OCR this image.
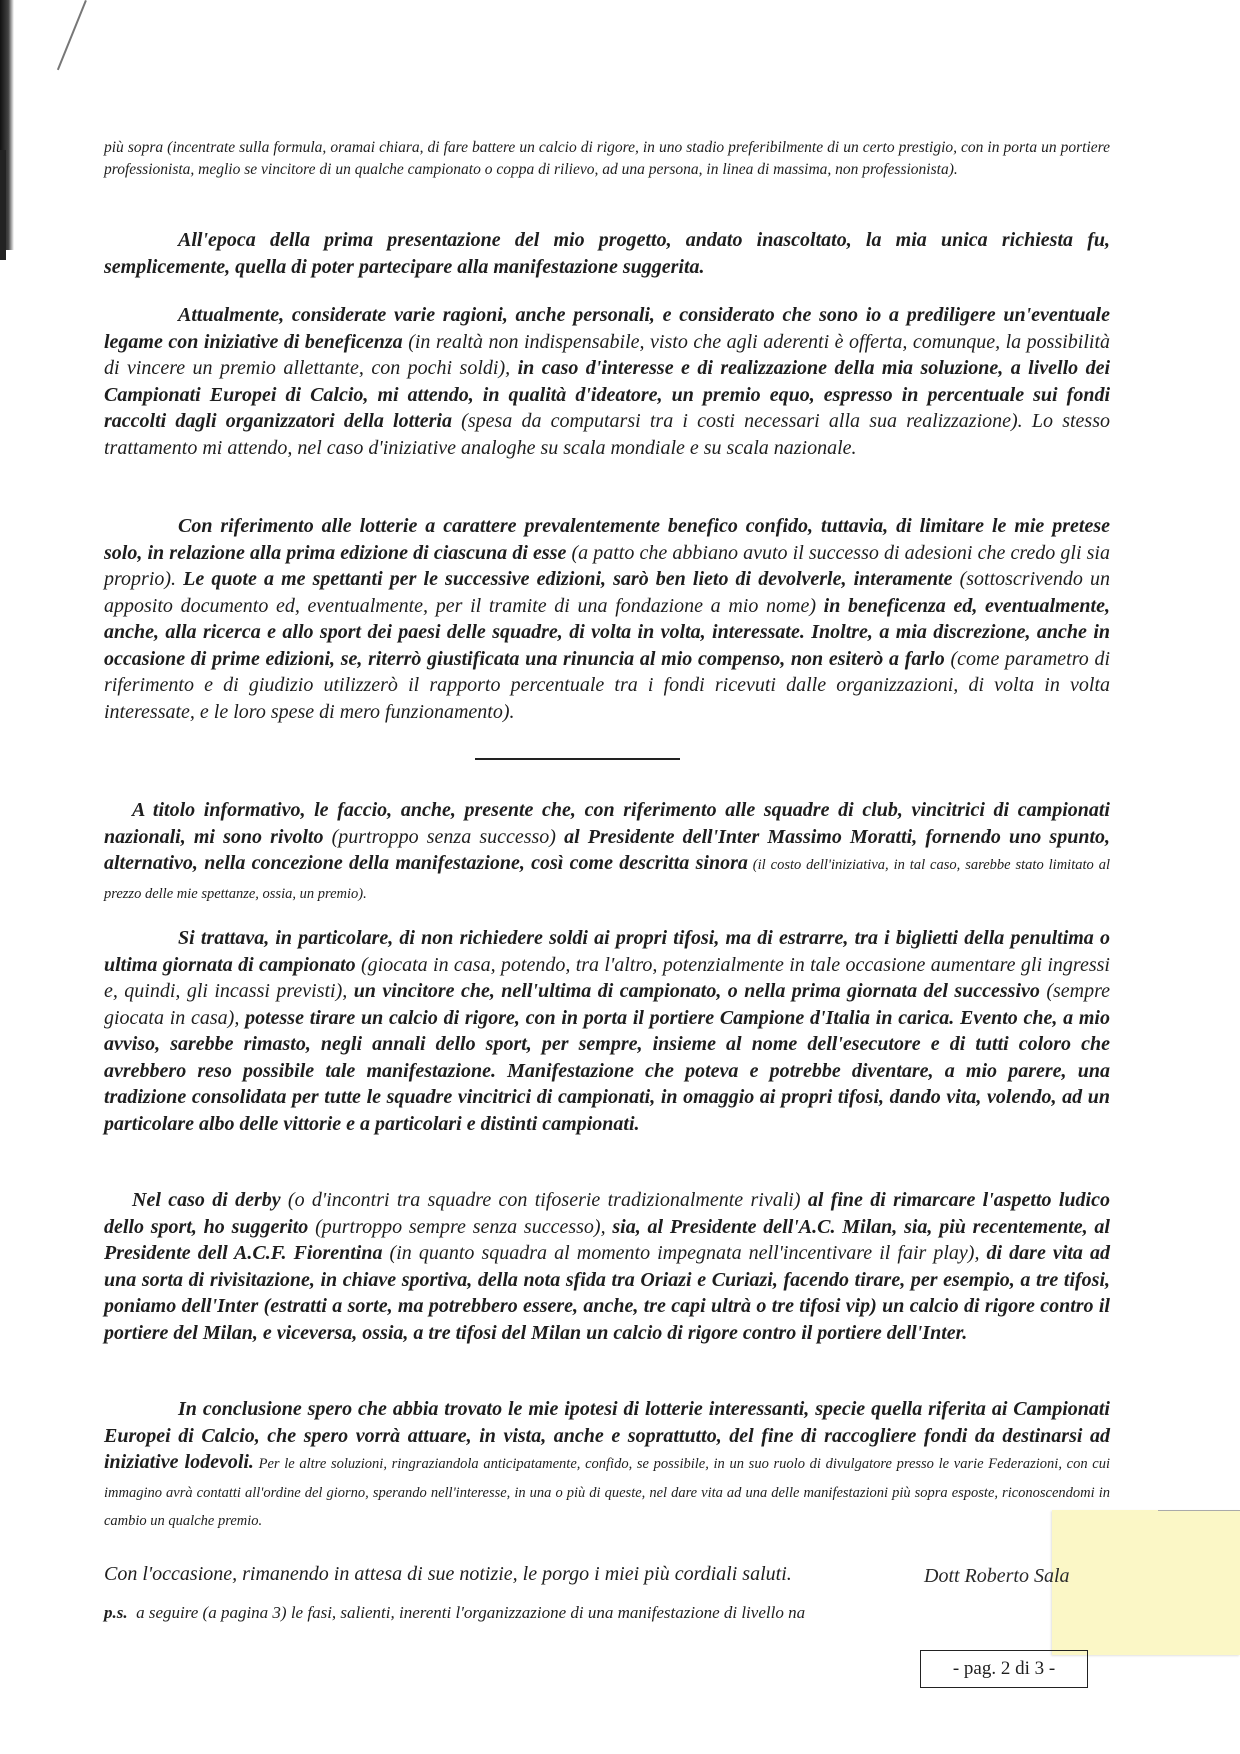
più sopra (incentrate sulla formula, oramai chiara, di fare battere un calcio di rigore, in uno stadio preferibilmente di un certo prestigio, con in porta un portiere professionista, meglio se vincitore di un qualche campionato o coppa di rilievo, ad una persona, in linea di massima, non professionista).
All'epoca della prima presentazione del mio progetto, andato inascoltato, la mia unica richiesta fu, semplicemente, quella di poter partecipare alla manifestazione suggerita.
Attualmente, considerate varie ragioni, anche personali, e considerato che sono io a prediligere un'eventuale legame con iniziative di beneficenza (in realtà non indispensabile, visto che agli aderenti è offerta, comunque, la possibilità di vincere un premio allettante, con pochi soldi), in caso d'interesse e di realizzazione della mia soluzione, a livello dei Campionati Europei di Calcio, mi attendo, in qualità d'ideatore, un premio equo, espresso in percentuale sui fondi raccolti dagli organizzatori della lotteria (spesa da computarsi tra i costi necessari alla sua realizzazione). Lo stesso trattamento mi attendo, nel caso d'iniziative analoghe su scala mondiale e su scala nazionale.
Con riferimento alle lotterie a carattere prevalentemente benefico confido, tuttavia, di limitare le mie pretese solo, in relazione alla prima edizione di ciascuna di esse (a patto che abbiano avuto il successo di adesioni che credo gli sia proprio). Le quote a me spettanti per le successive edizioni, sarò ben lieto di devolverle, interamente (sottoscrivendo un apposito documento ed, eventualmente, per il tramite di una fondazione a mio nome) in beneficenza ed, eventualmente, anche, alla ricerca e allo sport dei paesi delle squadre, di volta in volta, interessate. Inoltre, a mia discrezione, anche in occasione di prime edizioni, se, riterrò giustificata una rinuncia al mio compenso, non esiterò a farlo (come parametro di riferimento e di giudizio utilizzerò il rapporto percentuale tra i fondi ricevuti dalle organizzazioni, di volta in volta interessate, e le loro spese di mero funzionamento).
A titolo informativo, le faccio, anche, presente che, con riferimento alle squadre di club, vincitrici di campionati nazionali, mi sono rivolto (purtroppo senza successo) al Presidente dell'Inter Massimo Moratti, fornendo uno spunto, alternativo, nella concezione della manifestazione, così come descritta sinora (il costo dell'iniziativa, in tal caso, sarebbe stato limitato al prezzo delle mie spettanze, ossia, un premio).
Si trattava, in particolare, di non richiedere soldi ai propri tifosi, ma di estrarre, tra i biglietti della penultima o ultima giornata di campionato (giocata in casa, potendo, tra l'altro, potenzialmente in tale occasione aumentare gli ingressi e, quindi, gli incassi previsti), un vincitore che, nell'ultima di campionato, o nella prima giornata del successivo (sempre giocata in casa), potesse tirare un calcio di rigore, con in porta il portiere Campione d'Italia in carica. Evento che, a mio avviso, sarebbe rimasto, negli annali dello sport, per sempre, insieme al nome dell'esecutore e di tutti coloro che avrebbero reso possibile tale manifestazione. Manifestazione che poteva e potrebbe diventare, a mio parere, una tradizione consolidata per tutte le squadre vincitrici di campionati, in omaggio ai propri tifosi, dando vita, volendo, ad un particolare albo delle vittorie e a particolari e distinti campionati.
Nel caso di derby (o d'incontri tra squadre con tifoserie tradizionalmente rivali) al fine di rimarcare l'aspetto ludico dello sport, ho suggerito (purtroppo sempre senza successo), sia, al Presidente dell'A.C. Milan, sia, più recentemente, al Presidente dell A.C.F. Fiorentina (in quanto squadra al momento impegnata nell'incentivare il fair play), di dare vita ad una sorta di rivisitazione, in chiave sportiva, della nota sfida tra Oriazi e Curiazi, facendo tirare, per esempio, a tre tifosi, poniamo dell'Inter (estratti a sorte, ma potrebbero essere, anche, tre capi ultrà o tre tifosi vip) un calcio di rigore contro il portiere del Milan, e viceversa, ossia, a tre tifosi del Milan un calcio di rigore contro il portiere dell'Inter.
In conclusione spero che abbia trovato le mie ipotesi di lotterie interessanti, specie quella riferita ai Campionati Europei di Calcio, che spero vorrà attuare, in vista, anche e soprattutto, del fine di raccogliere fondi da destinarsi ad iniziative lodevoli. Per le altre soluzioni, ringraziandola anticipatamente, confido, se possibile, in un suo ruolo di divulgatore presso le varie Federazioni, con cui immagino avrà contatti all'ordine del giorno, sperando nell'interesse, in una o più di queste, nel dare vita ad una delle manifestazioni più sopra esposte, riconoscendomi in cambio un qualche premio.
Con l'occasione, rimanendo in attesa di sue notizie, le porgo i miei più cordiali saluti.	Dott Roberto Sala
p.s. a seguire (a pagina 3) le fasi, salienti, inerenti l'organizzazione di una manifestazione di livello na
- pag. 2 di 3 -
